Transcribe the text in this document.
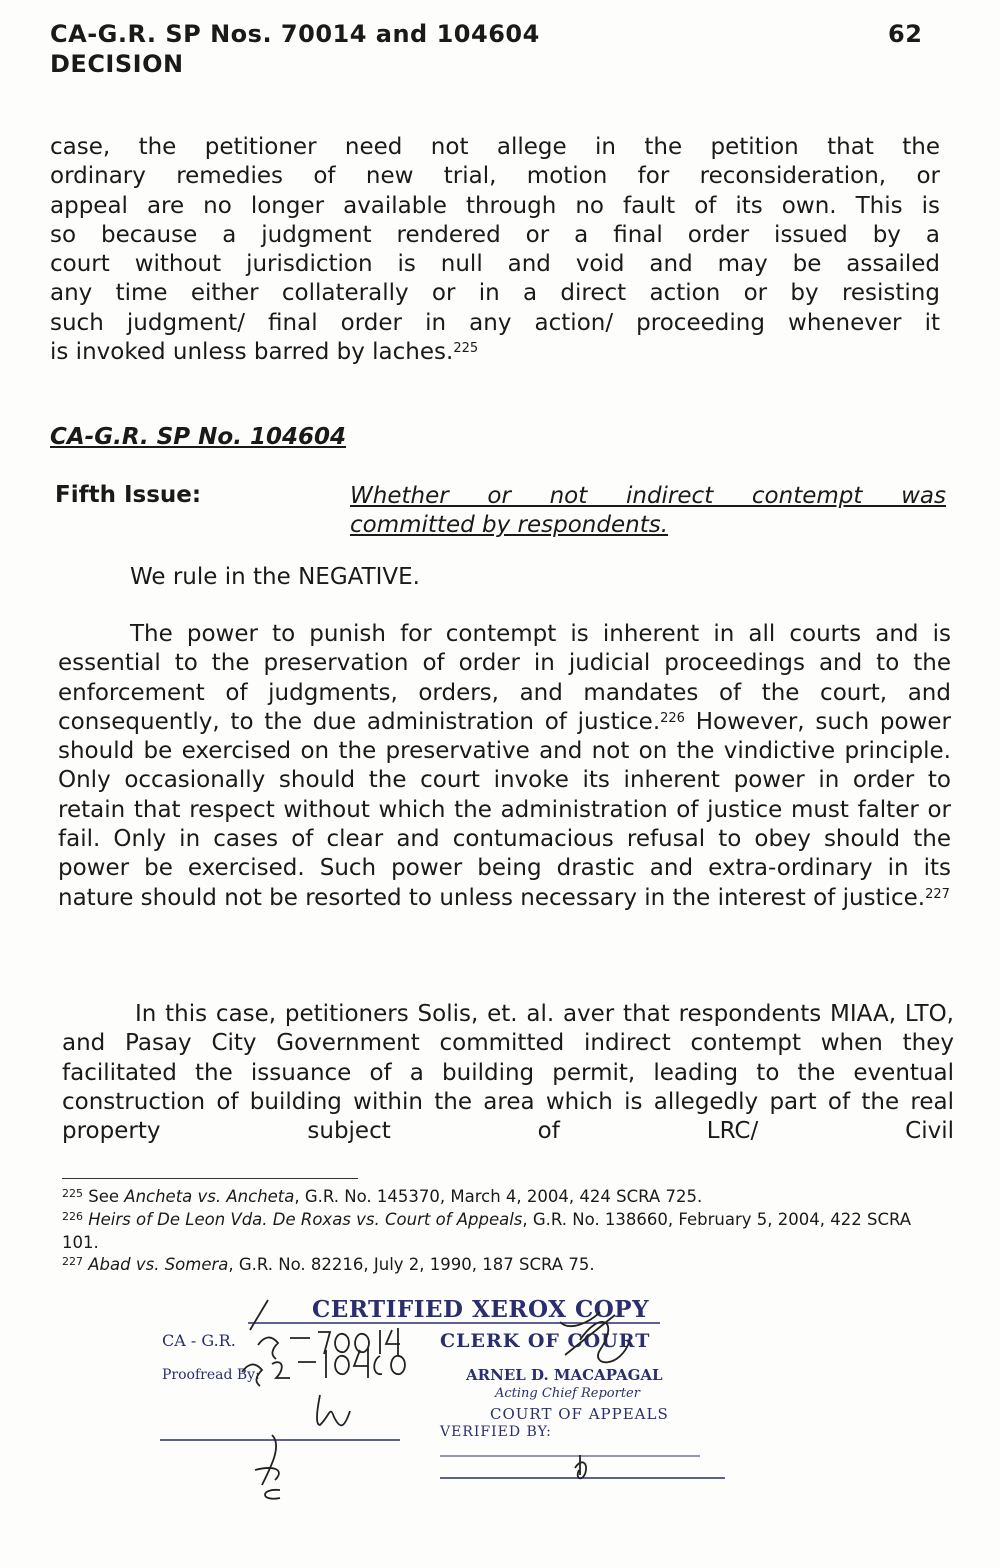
CA-G.R. SP Nos. 70014 and 104604
DECISION
62
case, the petitioner need not allege in the petition that the
ordinary remedies of new trial, motion for reconsideration, or
appeal are no longer available through no fault of its own. This is
so because a judgment rendered or a final order issued by a
court without jurisdiction is null and void and may be assailed
any time either collaterally or in a direct action or by resisting
such judgment/ final order in any action/ proceeding whenever it
is invoked unless barred by laches.$^{225}$
CA-G.R. SP No. 104604
Fifth Issue:	Whether or not indirect contempt was
committed by respondents.
We rule in the NEGATIVE.
The power to punish for contempt is inherent in all courts and is essential to the preservation of order in judicial proceedings and to the enforcement of judgments, orders, and mandates of the court, and consequently, to the due administration of justice.$^{226}$ However, such power should be exercised on the preservative and not on the vindictive principle. Only occasionally should the court invoke its inherent power in order to retain that respect without which the administration of justice must falter or fail. Only in cases of clear and contumacious refusal to obey should the power be exercised. Such power being drastic and extra-ordinary in its nature should not be resorted to unless necessary in the interest of justice.$^{227}$
In this case, petitioners Solis, et. al. aver that respondents MIAA, LTO, and Pasay City Government committed indirect contempt when they facilitated the issuance of a building permit, leading to the eventual construction of building within the area which is allegedly part of the real property subject of LRC/ Civil
$^{225}$ See Ancheta vs. Ancheta, G.R. No. 145370, March 4, 2004, 424 SCRA 725.
$^{226}$ Heirs of De Leon Vda. De Roxas vs. Court of Appeals, G.R. No. 138660, February 5, 2004, 422 SCRA 101.
$^{227}$ Abad vs. Somera, G.R. No. 82216, July 2, 1990, 187 SCRA 75.
CERTIFIED XEROX COPY
CA - G.R.	CLERK OF COURT
Proofread By:	ARNEL D. MACAPAGAL
Acting Chief Reporter
COURT OF APPEALS
VERIFIED BY:
